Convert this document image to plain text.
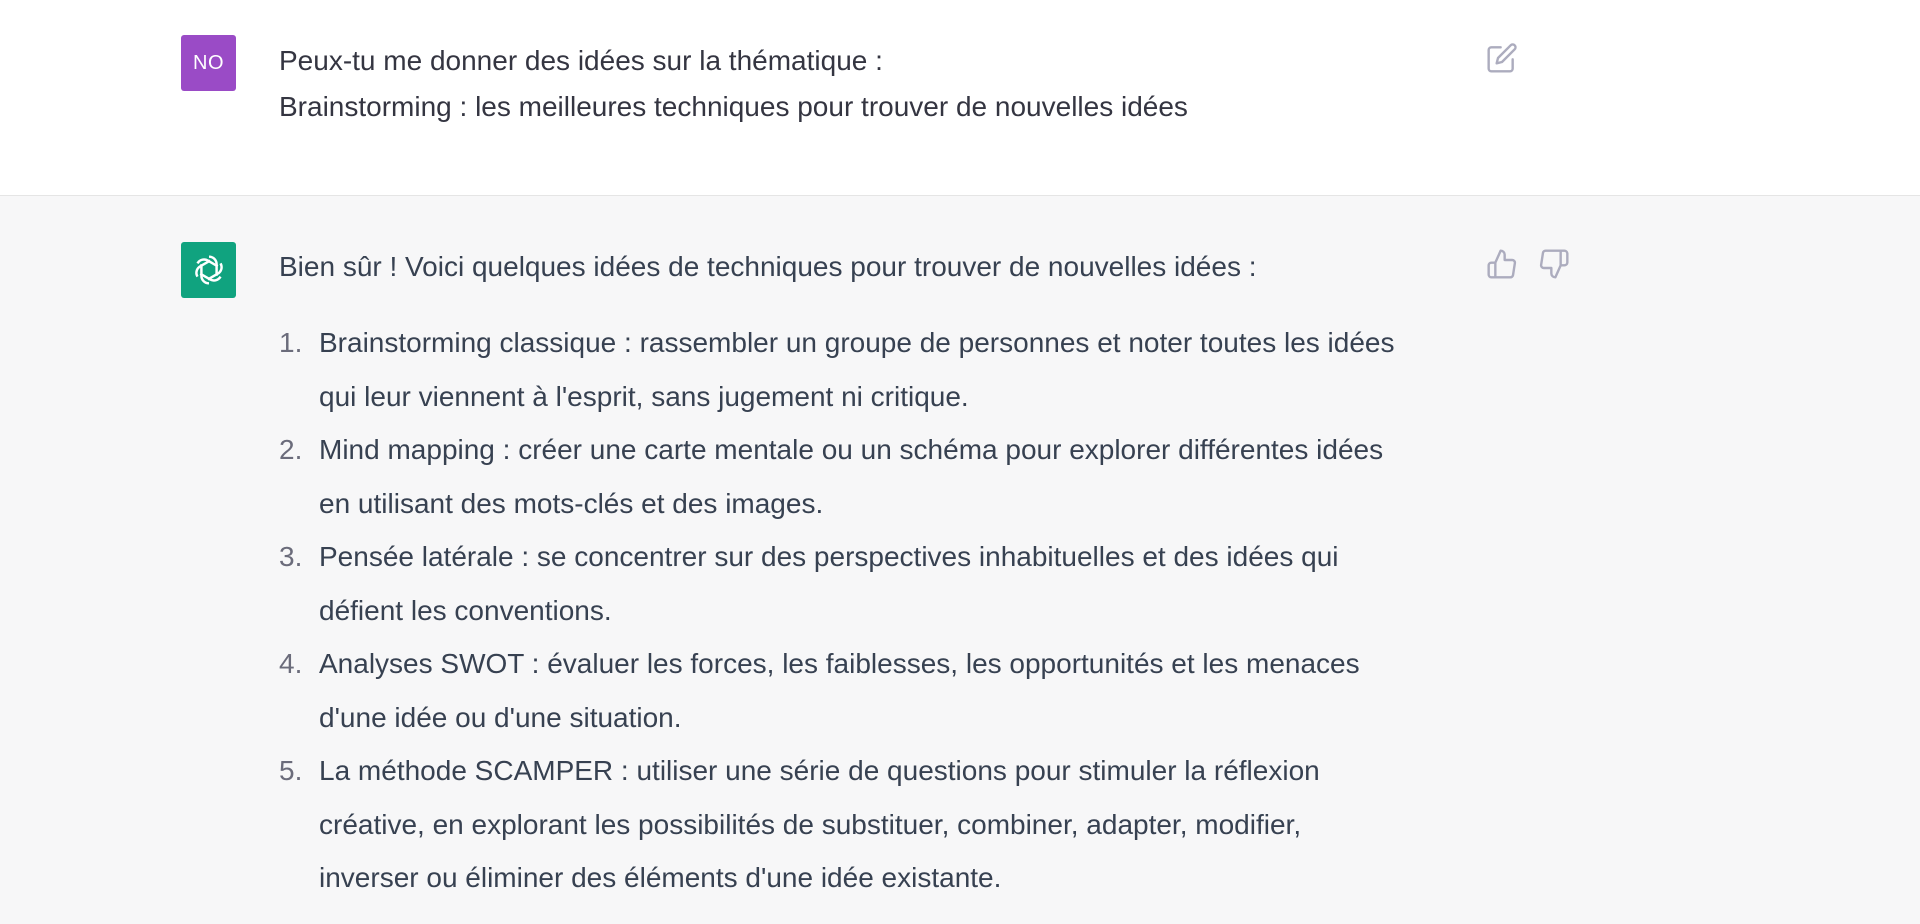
NO Peux-tu me donner des idées sur la thématique :
Brainstorming : les meilleures techniques pour trouver de nouvelles idées

Bien sûr ! Voici quelques idées de techniques pour trouver de nouvelles idées :

1. Brainstorming classique : rassembler un groupe de personnes et noter toutes les idées
qui leur viennent à l'esprit, sans jugement ni critique.
2. Mind mapping : créer une carte mentale ou un schéma pour explorer différentes idées
en utilisant des mots-clés et des images.
3. Pensée latérale : se concentrer sur des perspectives inhabituelles et des idées qui
défient les conventions.
4. Analyses SWOT : évaluer les forces, les faiblesses, les opportunités et les menaces
d'une idée ou d'une situation.
5. La méthode SCAMPER : utiliser une série de questions pour stimuler la réflexion
créative, en explorant les possibilités de substituer, combiner, adapter, modifier,
inverser ou éliminer des éléments d'une idée existante.
